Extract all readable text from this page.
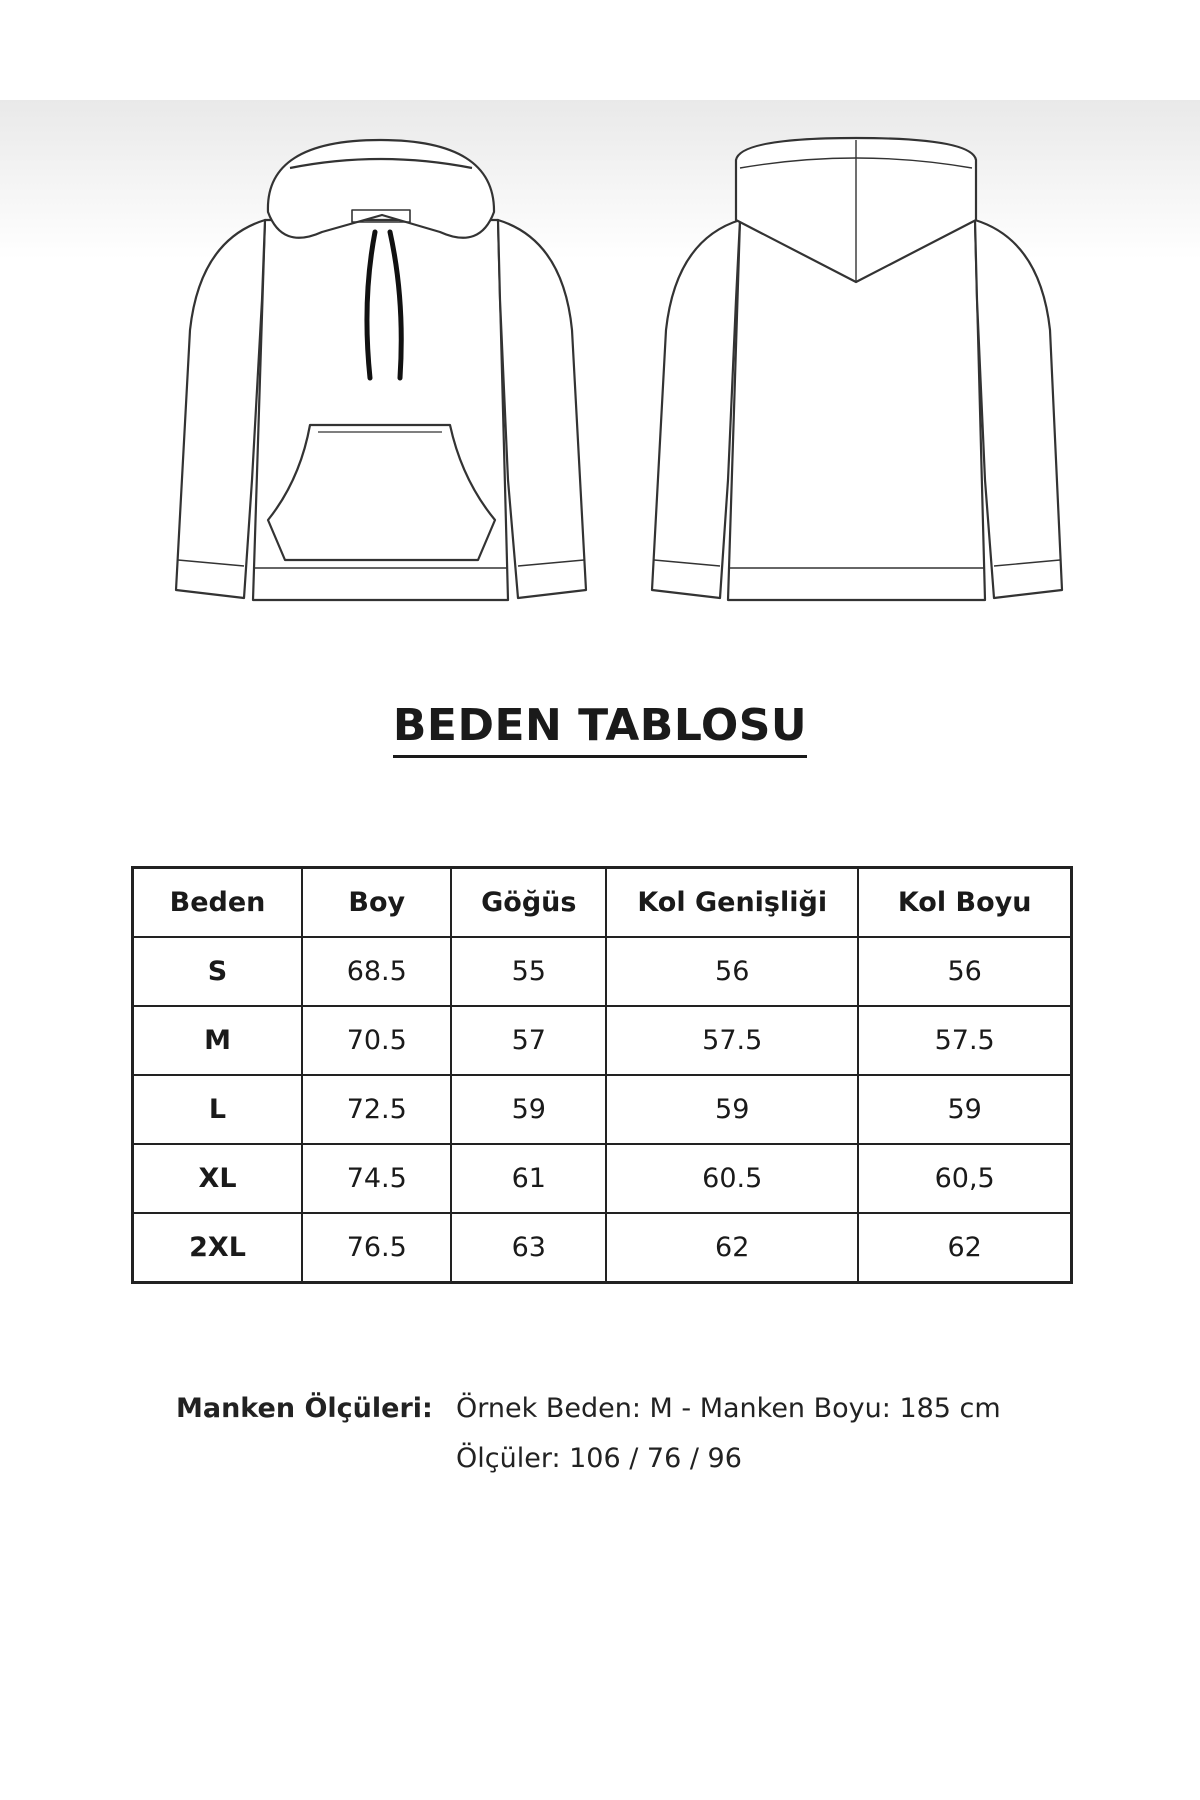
BEDEN TABLOSU
Beden	Boy	Göğüs	Kol Genişliği	Kol Boyu
S	68.5	55	56	56
M	70.5	57	57.5	57.5
L	72.5	59	59	59
XL	74.5	61	60.5	60,5
2XL	76.5	63	62	62
Manken Ölçüleri: Örnek Beden: M - Manken Boyu: 185 cm
Ölçüler: 106 / 76 / 96
